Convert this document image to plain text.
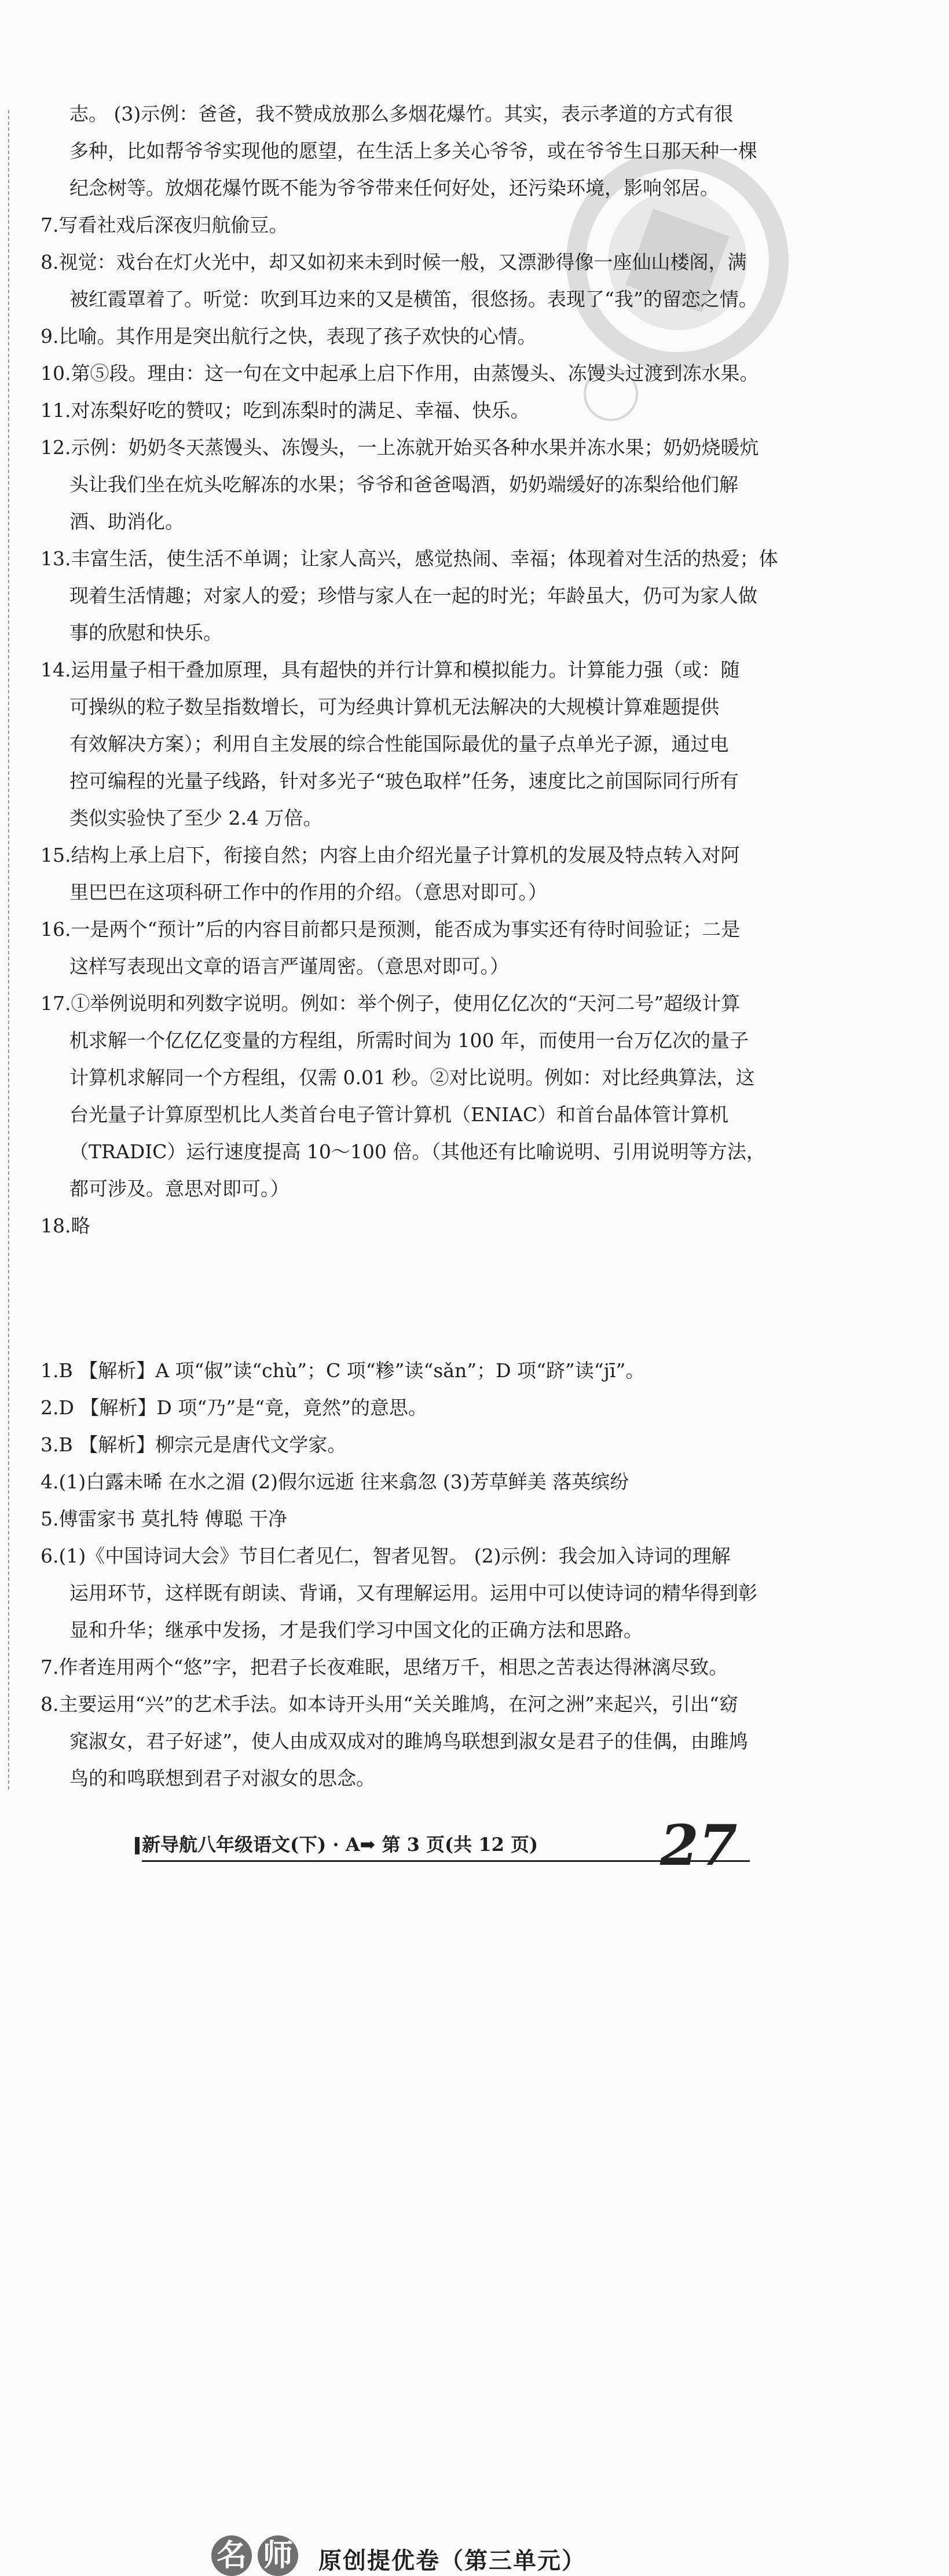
志。 (3)示例：爸爸，我不赞成放那么多烟花爆竹。其实，表示孝道的方式有很
多种，比如帮爷爷实现他的愿望，在生活上多关心爷爷，或在爷爷生日那天种一棵
纪念树等。放烟花爆竹既不能为爷爷带来任何好处，还污染环境，影响邻居。
7.写看社戏后深夜归航偷豆。
8.视觉：戏台在灯火光中，却又如初来未到时候一般，又漂渺得像一座仙山楼阁，满
被红霞罩着了。听觉：吹到耳边来的又是横笛，很悠扬。表现了“我”的留恋之情。
9.比喻。其作用是突出航行之快，表现了孩子欢快的心情。
10.第⑤段。理由：这一句在文中起承上启下作用，由蒸馒头、冻馒头过渡到冻水果。
11.对冻梨好吃的赞叹；吃到冻梨时的满足、幸福、快乐。
12.示例：奶奶冬天蒸馒头、冻馒头，一上冻就开始买各种水果并冻水果；奶奶烧暖炕
头让我们坐在炕头吃解冻的水果；爷爷和爸爸喝酒，奶奶端缓好的冻梨给他们解
酒、助消化。
13.丰富生活，使生活不单调；让家人高兴，感觉热闹、幸福；体现着对生活的热爱；体
现着生活情趣；对家人的爱；珍惜与家人在一起的时光；年龄虽大，仍可为家人做
事的欣慰和快乐。
14.运用量子相干叠加原理，具有超快的并行计算和模拟能力。计算能力强（或：随
可操纵的粒子数呈指数增长，可为经典计算机无法解决的大规模计算难题提供
有效解决方案）；利用自主发展的综合性能国际最优的量子点单光子源，通过电
控可编程的光量子线路，针对多光子“玻色取样”任务，速度比之前国际同行所有
类似实验快了至少 2.4 万倍。
15.结构上承上启下，衔接自然；内容上由介绍光量子计算机的发展及特点转入对阿
里巴巴在这项科研工作中的作用的介绍。（意思对即可。）
16.一是两个“预计”后的内容目前都只是预测，能否成为事实还有待时间验证；二是
这样写表现出文章的语言严谨周密。（意思对即可。）
17.①举例说明和列数字说明。例如：举个例子，使用亿亿次的“天河二号”超级计算
机求解一个亿亿亿变量的方程组，所需时间为 100 年，而使用一台万亿次的量子
计算机求解同一个方程组，仅需 0.01 秒。②对比说明。例如：对比经典算法，这
台光量子计算原型机比人类首台电子管计算机（ENIAC）和首台晶体管计算机
（TRADIC）运行速度提高 10～100 倍。（其他还有比喻说明、引用说明等方法，
都可涉及。意思对即可。）
18.略
名 师 原创提优卷（第三单元）
1.B 【解析】A 项“俶”读“chù”；C 项“糁”读“sǎn”；D 项“跻”读“jī”。
2.D 【解析】D 项“乃”是“竟，竟然”的意思。
3.B 【解析】柳宗元是唐代文学家。
4.(1)白露未晞 在水之湄 (2)假尔远逝 往来翕忽 (3)芳草鲜美 落英缤纷
5.傅雷家书 莫扎特 傅聪 干净
6.(1)《中国诗词大会》节目仁者见仁，智者见智。 (2)示例：我会加入诗词的理解
运用环节，这样既有朗读、背诵，又有理解运用。运用中可以使诗词的精华得到彰
显和升华；继承中发扬，才是我们学习中国文化的正确方法和思路。
7.作者连用两个“悠”字，把君子长夜难眠，思绪万千，相思之苦表达得淋漓尽致。
8.主要运用“兴”的艺术手法。如本诗开头用“关关雎鸠，在河之洲”来起兴，引出“窈
窕淑女，君子好逑”，使人由成双成对的雎鸠鸟联想到淑女是君子的佳偶，由雎鸠
鸟的和鸣联想到君子对淑女的思念。
新导航八年级语文(下) · A➡ 第 3 页(共 12 页) 27
